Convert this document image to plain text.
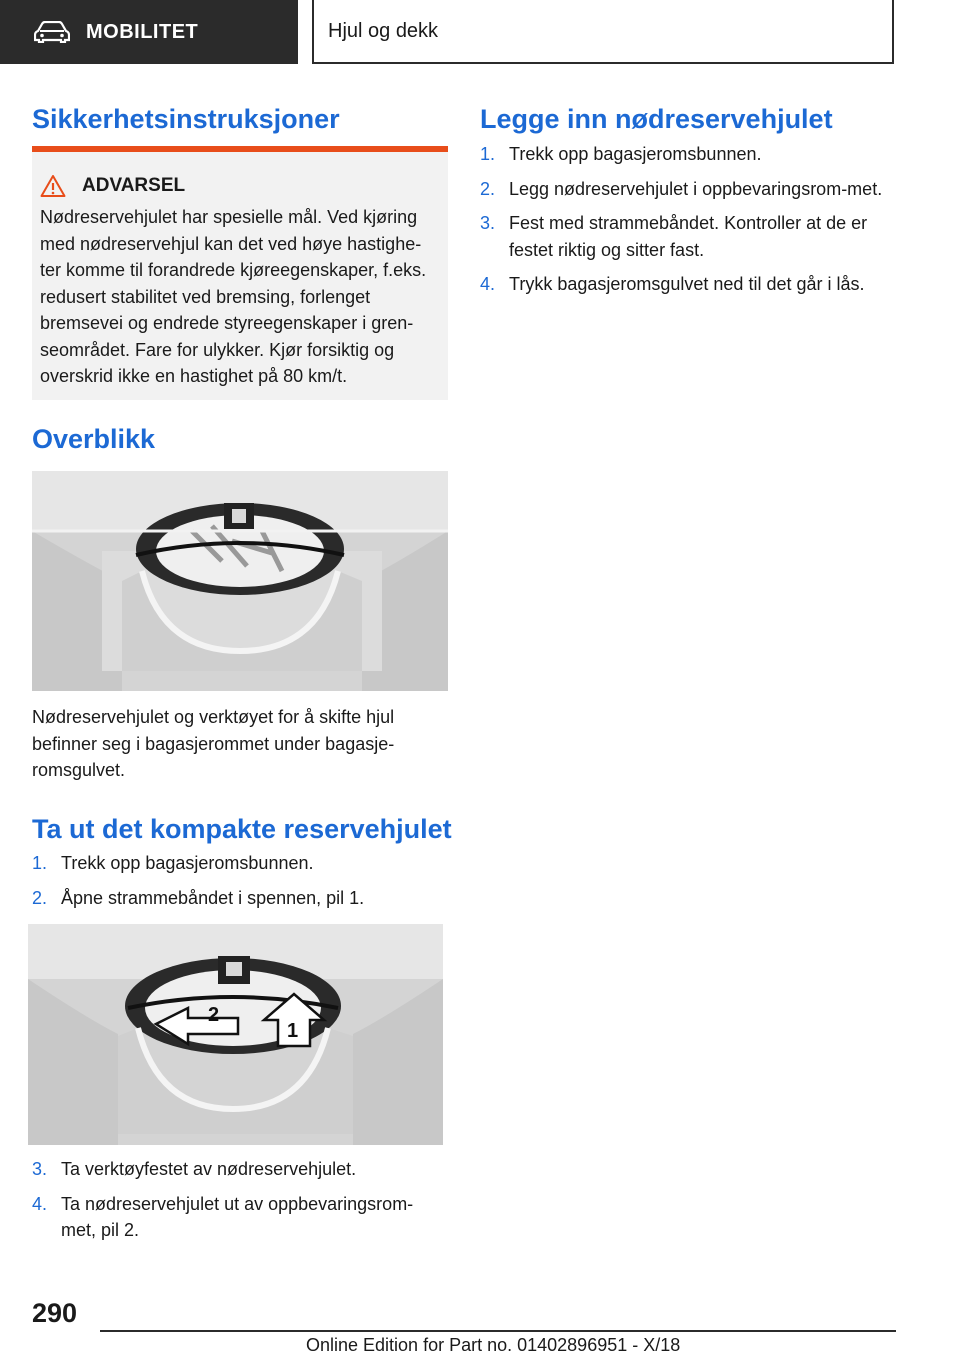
MOBILITET	Hjul og dekk
Sikkerhetsinstruksjoner
ADVARSEL

Nødreservehjulet har spesielle mål. Ved kjøring med nødreservehjul kan det ved høye hastighe-ter komme til forandrede kjøreegenskaper, f.eks. redusert stabilitet ved bremsing, forlenget bremsevei og endrede styreegenskaper i gren-seområdet. Fare for ulykker. Kjør forsiktig og overskrid ikke en hastighet på 80 km/t.

Overblikk

Nødreservehjulet og verktøyet for å skifte hjul befinner seg i bagasjerommet under bagasje-romsgulvet.

Ta ut det kompakte reservehjulet
1. Trekk opp bagasjeromsbunnen.
2. Åpne strammebåndet i spennen, pil 1.
2
1
3. Ta verktøyfestet av nødreservehjulet.
4. Ta nødreservehjulet ut av oppbevaringsrom-met, pil 2.
Legge inn nødreservehjulet
1. Trekk opp bagasjeromsbunnen.
2. Legg nødreservehjulet i oppbevaringsrom-met.
3. Fest med strammebåndet. Kontroller at de er festet riktig og sitter fast.
4. Trykk bagasjeromsgulvet ned til det går i lås.
290
Online Edition for Part no. 01402896951 - X/18
